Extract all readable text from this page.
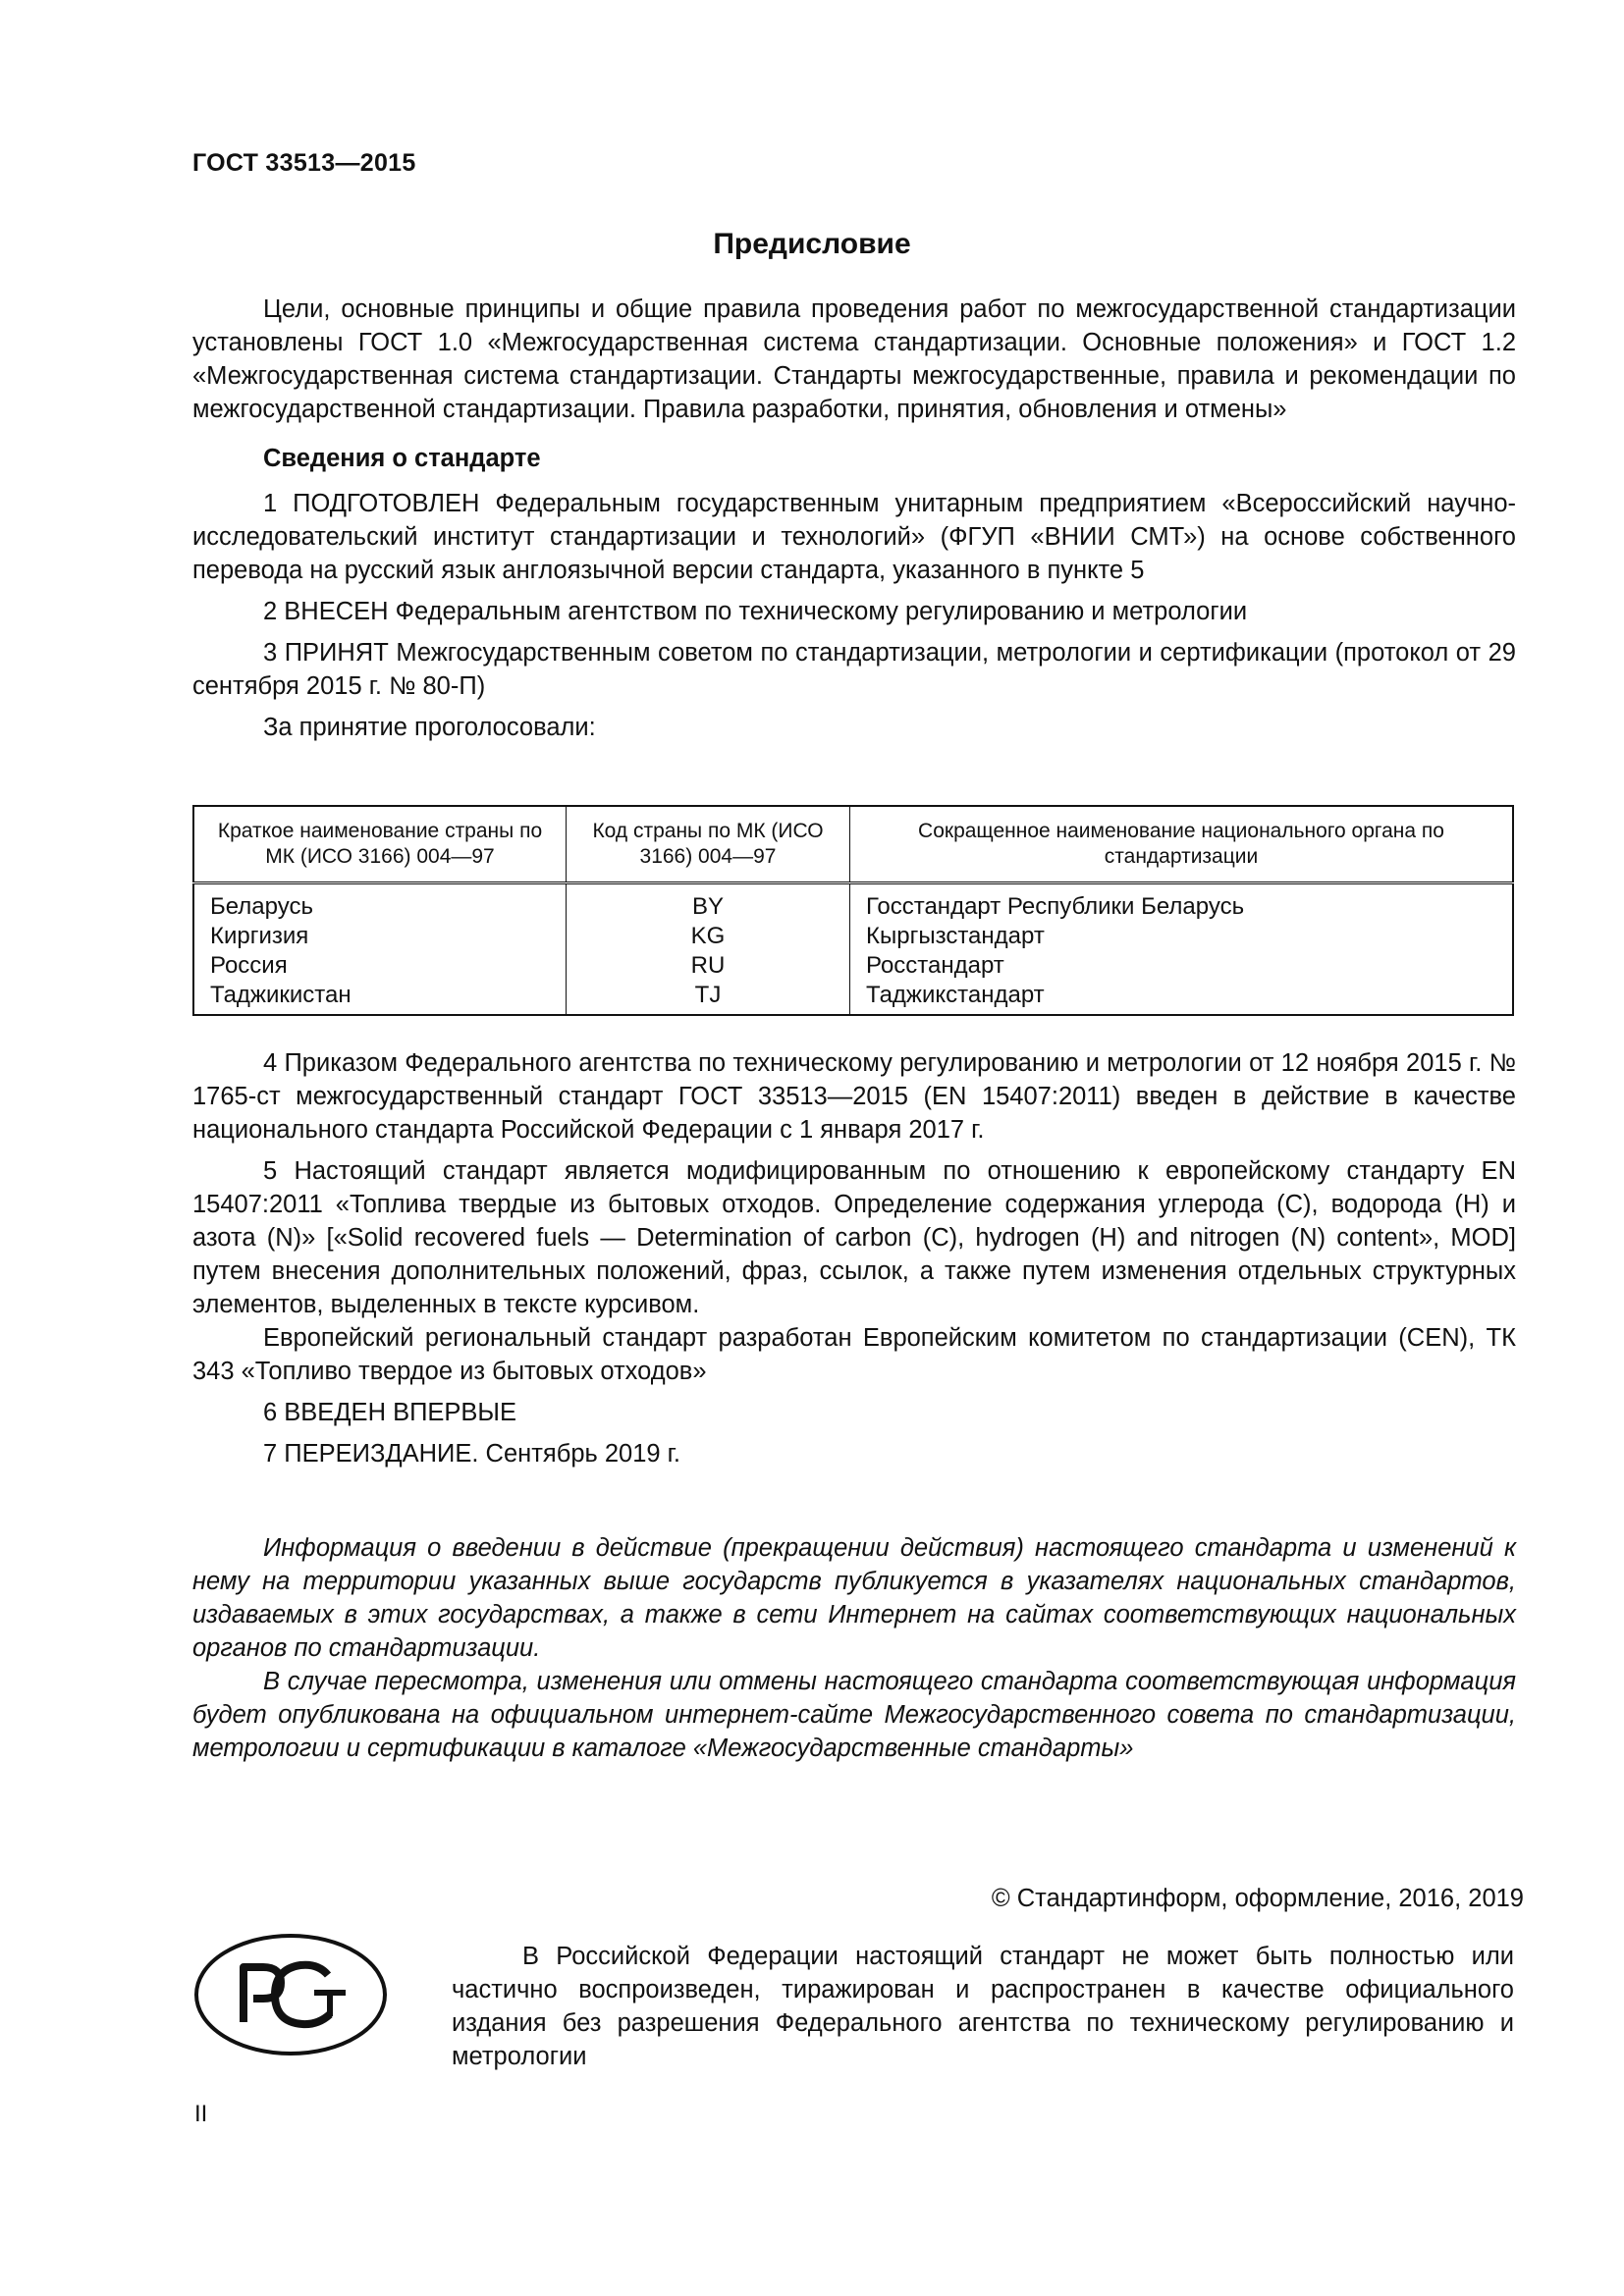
ГОСТ 33513—2015
Предисловие

Цели, основные принципы и общие правила проведения работ по межгосударственной стандартизации установлены ГОСТ 1.0 «Межгосударственная система стандартизации. Основные положения» и ГОСТ 1.2 «Межгосударственная система стандартизации. Стандарты межгосударственные, правила и рекомендации по межгосударственной стандартизации. Правила разработки, принятия, обновления и отмены»

Сведения о стандарте

1 ПОДГОТОВЛЕН Федеральным государственным унитарным предприятием «Всероссийский научно-исследовательский институт стандартизации и технологий» (ФГУП «ВНИИ СМТ») на основе собственного перевода на русский язык англоязычной версии стандарта, указанного в пункте 5

2 ВНЕСЕН Федеральным агентством по техническому регулированию и метрологии

3 ПРИНЯТ Межгосударственным советом по стандартизации, метрологии и сертификации (протокол от 29 сентября 2015 г. № 80-П)

За принятие проголосовали:

Краткое наименование страны по МК (ИСО 3166) 004—97	Код страны по МК (ИСО 3166) 004—97	Сокращенное наименование национального органа по стандартизации
Беларусь	BY	Госстандарт Республики Беларусь
Киргизия	KG	Кыргызстандарт
Россия	RU	Росстандарт
Таджикистан	TJ	Таджикстандарт

4 Приказом Федерального агентства по техническому регулированию и метрологии от 12 ноября 2015 г. № 1765-ст межгосударственный стандарт ГОСТ 33513—2015 (EN 15407:2011) введен в действие в качестве национального стандарта Российской Федерации с 1 января 2017 г.

5 Настоящий стандарт является модифицированным по отношению к европейскому стандарту EN 15407:2011 «Топлива твердые из бытовых отходов. Определение содержания углерода (С), водорода (Н) и азота (N)» [«Solid recovered fuels — Determination of carbon (C), hydrogen (H) and nitrogen (N) content», MOD] путем внесения дополнительных положений, фраз, ссылок, а также путем изменения отдельных структурных элементов, выделенных в тексте курсивом.

Европейский региональный стандарт разработан Европейским комитетом по стандартизации (CEN), ТК 343 «Топливо твердое из бытовых отходов»

6 ВВЕДЕН ВПЕРВЫЕ

7 ПЕРЕИЗДАНИЕ. Сентябрь 2019 г.

Информация о введении в действие (прекращении действия) настоящего стандарта и изменений к нему на территории указанных выше государств публикуется в указателях национальных стандартов, издаваемых в этих государствах, а также в сети Интернет на сайтах соответствующих национальных органов по стандартизации.

В случае пересмотра, изменения или отмены настоящего стандарта соответствующая информация будет опубликована на официальном интернет-сайте Межгосударственного совета по стандартизации, метрологии и сертификации в каталоге «Межгосударственные стандарты»

© Стандартинформ, оформление, 2016, 2019

В Российской Федерации настоящий стандарт не может быть полностью или частично воспроизведен, тиражирован и распространен в качестве официального издания без разрешения Федерального агентства по техническому регулированию и метрологии

II
